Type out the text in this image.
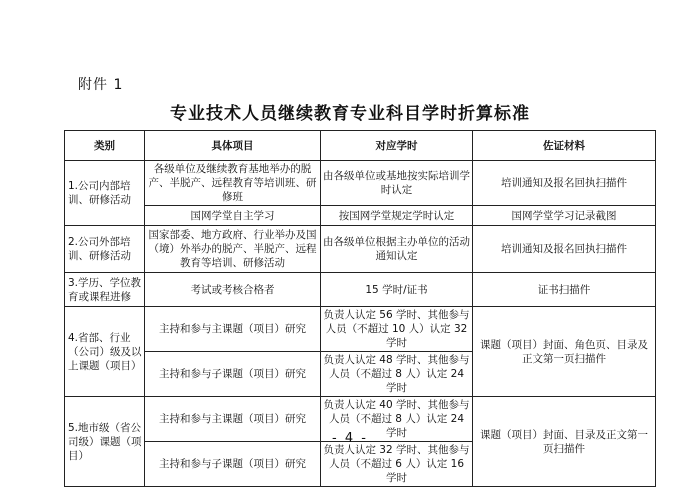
附件 1
专业技术人员继续教育专业科目学时折算标准
类别	具体项目	对应学时	佐证材料
1.公司内部培训、研修活动	各级单位及继续教育基地举办的脱产、半脱产、远程教育等培训班、研修班	由各级单位或基地按实际培训学时认定	培训通知及报名回执扫描件
	国网学堂自主学习	按国网学堂规定学时认定	国网学堂学习记录截图
2.公司外部培训、研修活动	国家部委、地方政府、行业举办及国（境）外举办的脱产、半脱产、远程教育等培训、研修活动	由各级单位根据主办单位的活动通知认定	培训通知及报名回执扫描件
3.学历、学位教育或课程进修	考试或考核合格者	15 学时/证书	证书扫描件
4.省部、行业（公司）级及以上课题（项目）	主持和参与主课题（项目）研究	负责人认定 56 学时、其他参与人员（不超过 10 人）认定 32 学时	课题（项目）封面、角色页、目录及正文第一页扫描件
	主持和参与子课题（项目）研究	负责人认定 48 学时、其他参与人员（不超过 8 人）认定 24 学时	
5.地市级（省公司级）课题（项目）	主持和参与主课题（项目）研究	负责人认定 40 学时、其他参与人员（不超过 8 人）认定 24 学时	课题（项目）封面、目录及正文第一页扫描件
	主持和参与子课题（项目）研究	负责人认定 32 学时、其他参与人员（不超过 6 人）认定 16 学时	
- 4 -
